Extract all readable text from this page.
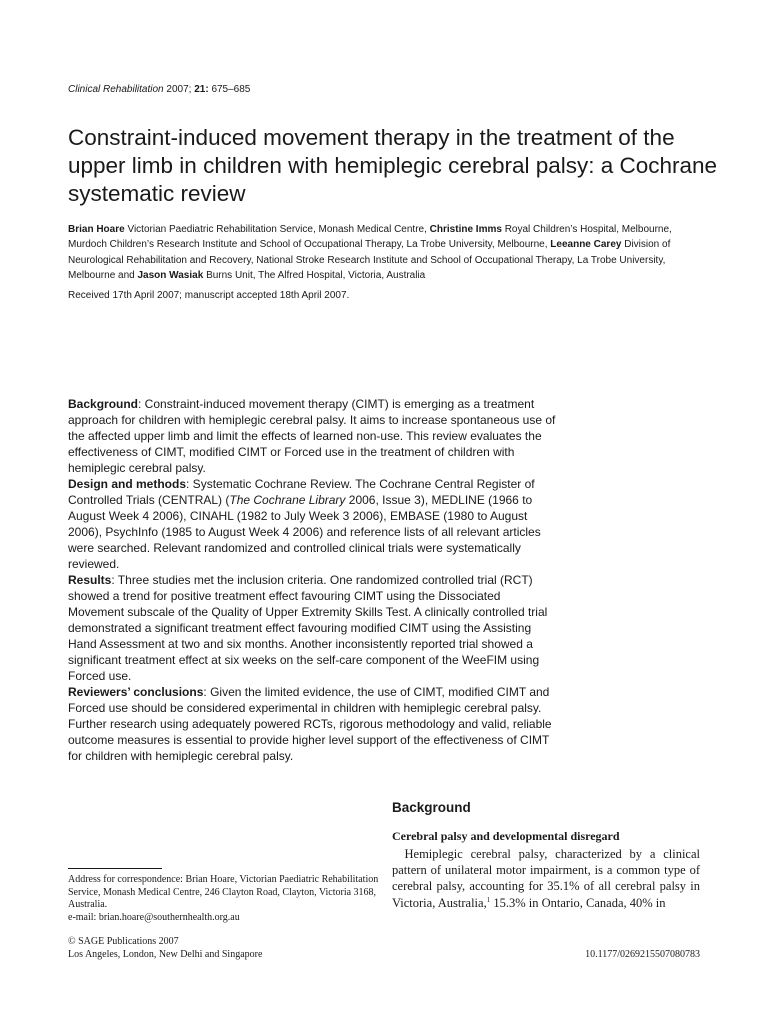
Clinical Rehabilitation 2007; 21: 675–685
Constraint-induced movement therapy in the treatment of the upper limb in children with hemiplegic cerebral palsy: a Cochrane systematic review
Brian Hoare Victorian Paediatric Rehabilitation Service, Monash Medical Centre, Christine Imms Royal Children’s Hospital, Melbourne, Murdoch Children’s Research Institute and School of Occupational Therapy, La Trobe University, Melbourne, Leeanne Carey Division of Neurological Rehabilitation and Recovery, National Stroke Research Institute and School of Occupational Therapy, La Trobe University, Melbourne and Jason Wasiak Burns Unit, The Alfred Hospital, Victoria, Australia
Received 17th April 2007; manuscript accepted 18th April 2007.

Background: Constraint-induced movement therapy (CIMT) is emerging as a treatment approach for children with hemiplegic cerebral palsy. It aims to increase spontaneous use of the affected upper limb and limit the effects of learned non-use. This review evaluates the effectiveness of CIMT, modified CIMT or Forced use in the treatment of children with hemiplegic cerebral palsy.

Design and methods: Systematic Cochrane Review. The Cochrane Central Register of Controlled Trials (CENTRAL) (The Cochrane Library 2006, Issue 3), MEDLINE (1966 to August Week 4 2006), CINAHL (1982 to July Week 3 2006), EMBASE (1980 to August 2006), PsychInfo (1985 to August Week 4 2006) and reference lists of all relevant articles were searched. Relevant randomized and controlled clinical trials were systematically reviewed.

Results: Three studies met the inclusion criteria. One randomized controlled trial (RCT) showed a trend for positive treatment effect favouring CIMT using the Dissociated Movement subscale of the Quality of Upper Extremity Skills Test. A clinically controlled trial demonstrated a significant treatment effect favouring modified CIMT using the Assisting Hand Assessment at two and six months. Another inconsistently reported trial showed a significant treatment effect at six weeks on the self-care component of the WeeFIM using Forced use.

Reviewers’ conclusions: Given the limited evidence, the use of CIMT, modified CIMT and Forced use should be considered experimental in children with hemiplegic cerebral palsy. Further research using adequately powered RCTs, rigorous methodology and valid, reliable outcome measures is essential to provide higher level support of the effectiveness of CIMT for children with hemiplegic cerebral palsy.

Background
Cerebral palsy and developmental disregard

 Hemiplegic cerebral palsy, characterized by a clinical pattern of unilateral motor impairment, is a common type of cerebral palsy, accounting for 35.1% of all cerebral palsy in Victoria, Australia,$^1$ 15.3% in Ontario, Canada, 40% in

Address for correspondence: Brian Hoare, Victorian Paediatric Rehabilitation Service, Monash Medical Centre, 246 Clayton Road, Clayton, Victoria 3168, Australia.
e-mail: brian.hoare@southernhealth.org.au
© SAGE Publications 2007
Los Angeles, London, New Delhi and Singapore	10.1177/0269215507080783
